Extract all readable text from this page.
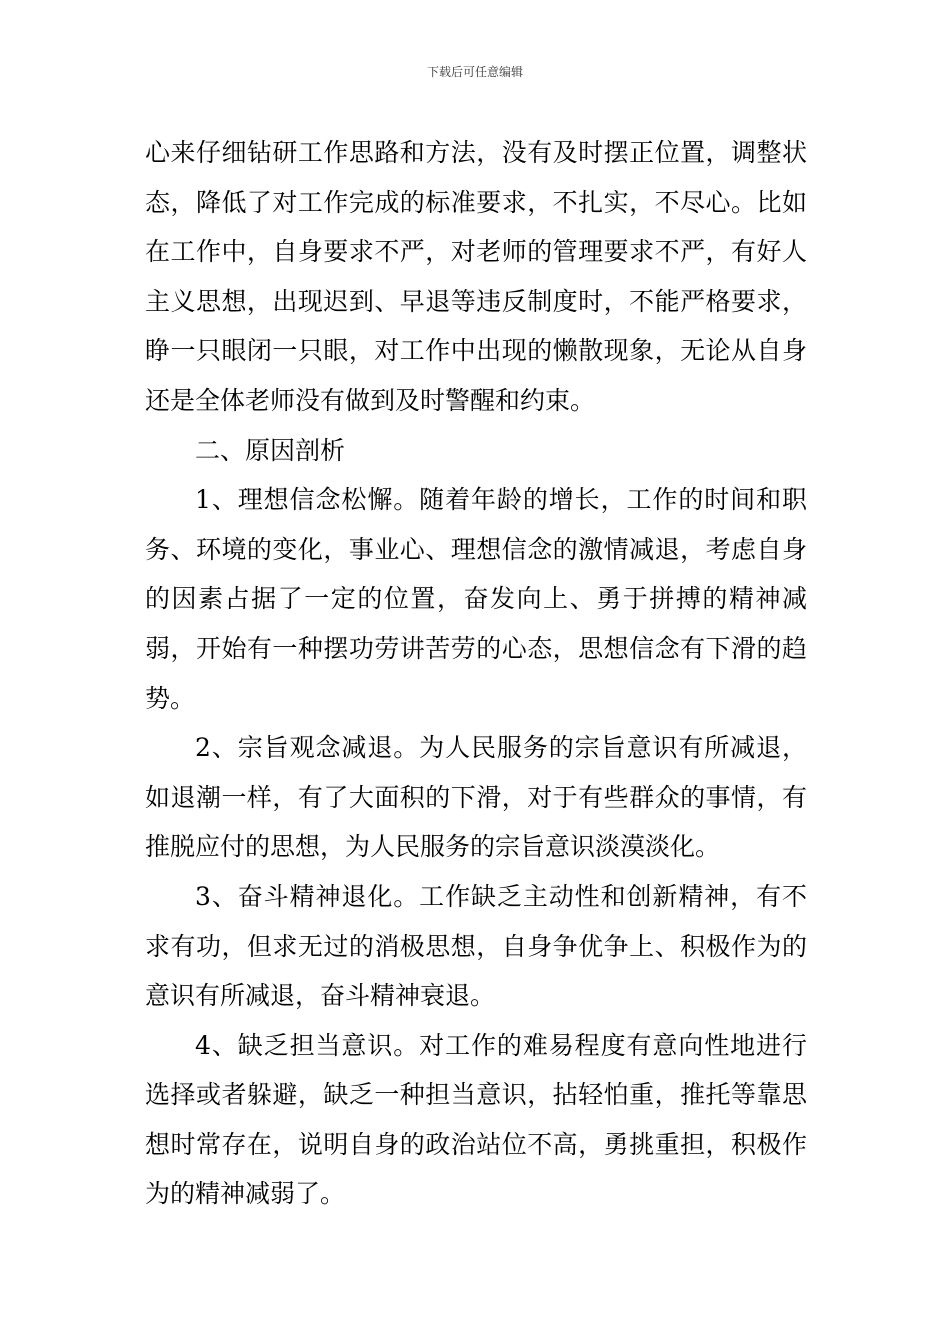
下载后可任意编辑

心来仔细钻研工作思路和方法，没有及时摆正位置，调整状态，降低了对工作完成的标准要求，不扎实，不尽心。比如在工作中，自身要求不严，对老师的管理要求不严，有好人主义思想，出现迟到、早退等违反制度时，不能严格要求，睁一只眼闭一只眼，对工作中出现的懒散现象，无论从自身还是全体老师没有做到及时警醒和约束。

二、原因剖析

1、理想信念松懈。随着年龄的增长，工作的时间和职务、环境的变化，事业心、理想信念的激情减退，考虑自身的因素占据了一定的位置，奋发向上、勇于拼搏的精神减弱，开始有一种摆功劳讲苦劳的心态，思想信念有下滑的趋势。

2、宗旨观念减退。为人民服务的宗旨意识有所减退，如退潮一样，有了大面积的下滑，对于有些群众的事情，有推脱应付的思想，为人民服务的宗旨意识淡漠淡化。

3、奋斗精神退化。工作缺乏主动性和创新精神，有不求有功，但求无过的消极思想，自身争优争上、积极作为的意识有所减退，奋斗精神衰退。

4、缺乏担当意识。对工作的难易程度有意向性地进行选择或者躲避，缺乏一种担当意识，拈轻怕重，推托等靠思想时常存在，说明自身的政治站位不高，勇挑重担，积极作为的精神减弱了。
